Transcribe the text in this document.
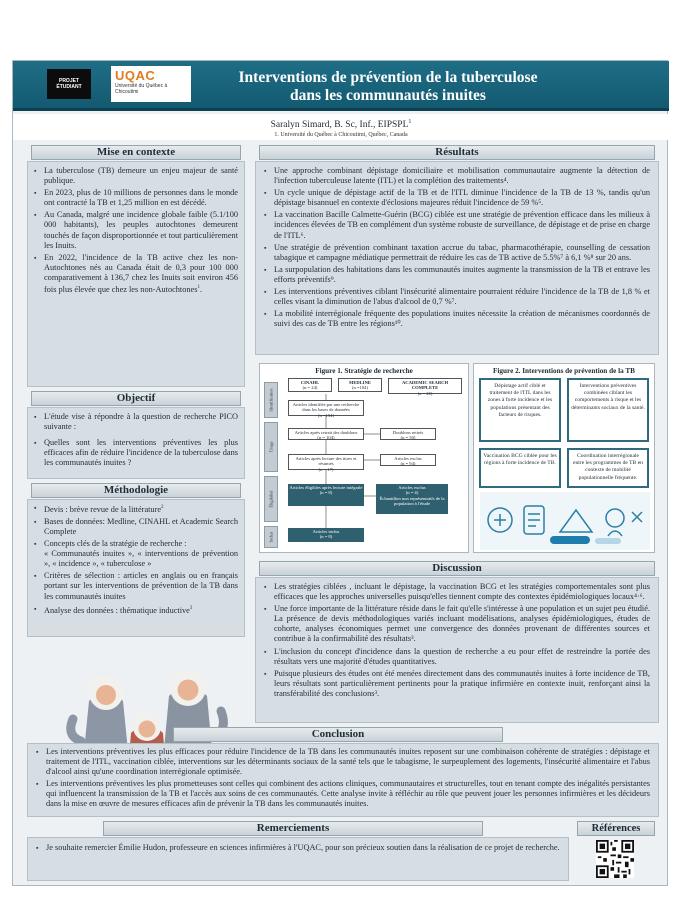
PROJET ÉTUDIANT
UQAC
Université du Québec à Chicoutimi
Interventions de prévention de la tuberculose
dans les communautés inuites
Saralyn Simard, B. Sc, Inf., EIPSPL$^1$
1. Université du Québec à Chicoutimi, Québec, Canada
Mise en contexte
▪ La tuberculose (TB) demeure un enjeu majeur de santé publique.
▪ En 2023, plus de 10 millions de personnes dans le monde ont contracté la TB et 1,25 million en est décédé.
▪ Au Canada, malgré une incidence globale faible (5.1/100 000 habitants), les peuples autochtones demeurent touchés de façon disproportionnée et tout particulièrement les Inuits.
▪ En 2022, l'incidence de la TB active chez les non-Autochtones nés au Canada était de 0,3 pour 100 000 comparativement à 136,7 chez les Inuits soit environ 456 fois plus élevée que chez les non-Autochtones$^1$.
Objectif
▪ L'étude vise à répondre à la question de recherche PICO suivante :
▪ Quelles sont les interventions préventives les plus efficaces afin de réduire l'incidence de la tuberculose dans les communautés inuites ?
Méthodologie
▪ Devis : brève revue de la littérature$^2$
▪ Bases de données: Medline, CINAHL et Academic Search Complete
▪ Concepts clés de la stratégie de recherche :
« Communautés inuites », « interventions de prévention », « incidence », « tuberculose »
▪ Critères de sélection : articles en anglais ou en français portant sur les interventions de prévention de la TB dans les communautés inuites
▪ Analyse des données : thématique inductive$^3$
Résultats
▪ Une approche combinant dépistage domiciliaire et mobilisation communautaire augmente la détection de l'infection tuberculeuse latente (ITL) et la complétion des traitements⁴.
▪ Un cycle unique de dépistage actif de la TB et de l'ITL diminue l'incidence de la TB de 13 %, tandis qu'un dépistage bisannuel en contexte d'éclosions majeures réduit l'incidence de 59 %⁵.
▪ La vaccination Bacille Calmette-Guérin (BCG) ciblée est une stratégie de prévention efficace dans les milieux à incidences élevées de TB en complément d'un système robuste de surveillance, de dépistage et de prise en charge de l'ITL⁶.
▪ Une stratégie de prévention combinant taxation accrue du tabac, pharmacothérapie, counselling de cessation tabagique et campagne médiatique permettrait de réduire les cas de TB active de 5.5%⁷ à 6,1 %⁸ sur 20 ans.
▪ La surpopulation des habitations dans les communautés inuites augmente la transmission de la TB et entrave les efforts préventifs⁹.
▪ Les interventions préventives ciblant l'insécurité alimentaire pourraient réduire l'incidence de la TB de 1,8 % et celles visant la diminution de l'abus d'alcool de 0,7 %⁷.
▪ La mobilité interrégionale fréquente des populations inuites nécessite la création de mécanismes coordonnés de suivi des cas de TB entre les régions¹⁰.
Figure 1. Stratégie de recherche
Identification
Triage
Éligibilité
Inclus
CINAHL
(n = 24)
MEDLINE
(n =104)
ACADEMIC SEARCH COMPLETE
(n = 26)
Articles identifiés par une recherche dans les bases de données
(n =154)
Articles après retrait des doublons
(n = 104)
Doublons retirés
(n = 50)
Articles après lecture des titres et résumés
(n = 17)
Articles exclus
(n = 94)
Articles éligibles après lecture intégrale
(n = 8)
Articles exclus
(n = 4)
Échantillon non représentatifs de la population à l'étude
Articles inclus
(n = 8)
Figure 2. Interventions de prévention de la TB
Dépistage actif ciblé et traitement de l'ITL dans les zones à forte incidence et les populations présentant des facteurs de risques.
Interventions préventives combinées ciblant les comportements à risque et les déterminants sociaux de la santé.
Vaccination BCG ciblée pour les régions à forte incidence de TB.
Coordination interrégionale entre les programmes de TB en contexte de mobilité populationnelle fréquente.
Discussion
▪ Les stratégies ciblées , incluant le dépistage, la vaccination BCG et les stratégies comportementales sont plus efficaces que les approches universelles puisqu'elles tiennent compte des contextes épidémiologiques locaux⁴·⁶.
▪ Une force importante de la littérature réside dans le fait qu'elle s'intéresse à une population et un sujet peu étudié. La présence de devis méthodologiques variés incluant modélisations, analyses épidémiologiques, études de cohorte, analyses économiques permet une convergence des données provenant de différentes sources et contribue à la confirmabilité des résultats³.
▪ L'inclusion du concept d'incidence dans la question de recherche a eu pour effet de restreindre la portée des résultats vers une majorité d'études quantitatives.
▪ Puisque plusieurs des études ont été menées directement dans des communautés inuites à forte incidence de TB, leurs résultats sont particulièrement pertinents pour la pratique infirmière en contexte inuit, renforçant ainsi la transférabilité des conclusions³.
Conclusion
▪ Les interventions préventives les plus efficaces pour réduire l'incidence de la TB dans les communautés inuites reposent sur une combinaison cohérente de stratégies : dépistage et traitement de l'ITL, vaccination ciblée, interventions sur les déterminants sociaux de la santé tels que le tabagisme, le surpeuplement des logements, l'insécurité alimentaire et l'abus d'alcool ainsi qu'une coordination interrégionale optimisée.
▪ Les interventions préventives les plus prometteuses sont celles qui combinent des actions cliniques, communautaires et structurelles, tout en tenant compte des inégalités persistantes qui influencent la transmission de la TB et l'accès aux soins de ces communautés. Cette analyse invite à réfléchir au rôle que peuvent jouer les personnes infirmières et les décideurs dans la mise en œuvre de mesures efficaces afin de prévenir la TB dans les communautés inuites.
Remerciements
▪ Je souhaite remercier Émilie Hudon, professeure en sciences infirmières à l'UQAC, pour son précieux soutien dans la réalisation de ce projet de recherche.
Références
